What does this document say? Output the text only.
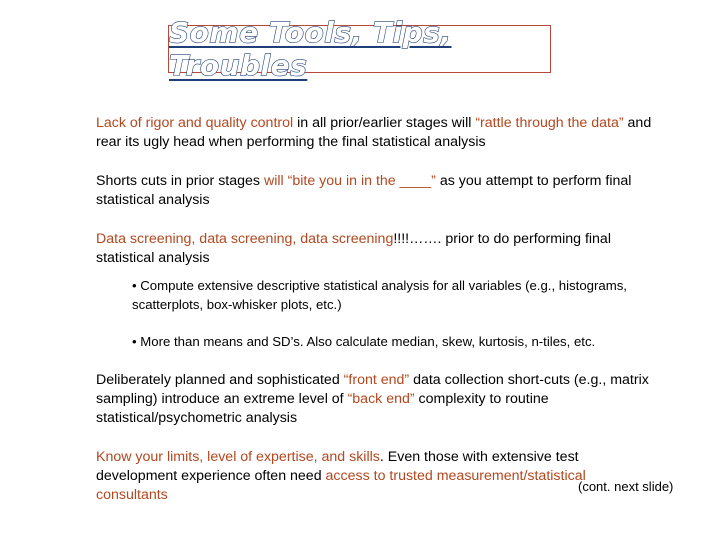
Some Tools, Tips, Troubles

Lack of rigor and quality control in all prior/earlier stages will “rattle through the data” and rear its ugly head when performing the final statistical analysis

Shorts cuts in prior stages will “bite you in in the ____” as you attempt to perform final statistical analysis

Data screening, data screening, data screening!!!!……. prior to do performing final statistical analysis

• Compute extensive descriptive statistical analysis for all variables (e.g., histograms, scatterplots, box-whisker plots, etc.)

• More than means and SD’s. Also calculate median, skew, kurtosis, n-tiles, etc.

Deliberately planned and sophisticated “front end” data collection short-cuts (e.g., matrix sampling) introduce an extreme level of “back end” complexity to routine statistical/psychometric analysis

Know your limits, level of expertise, and skills. Even those with extensive test development experience often need access to trusted measurement/statistical consultants

(cont. next slide)
